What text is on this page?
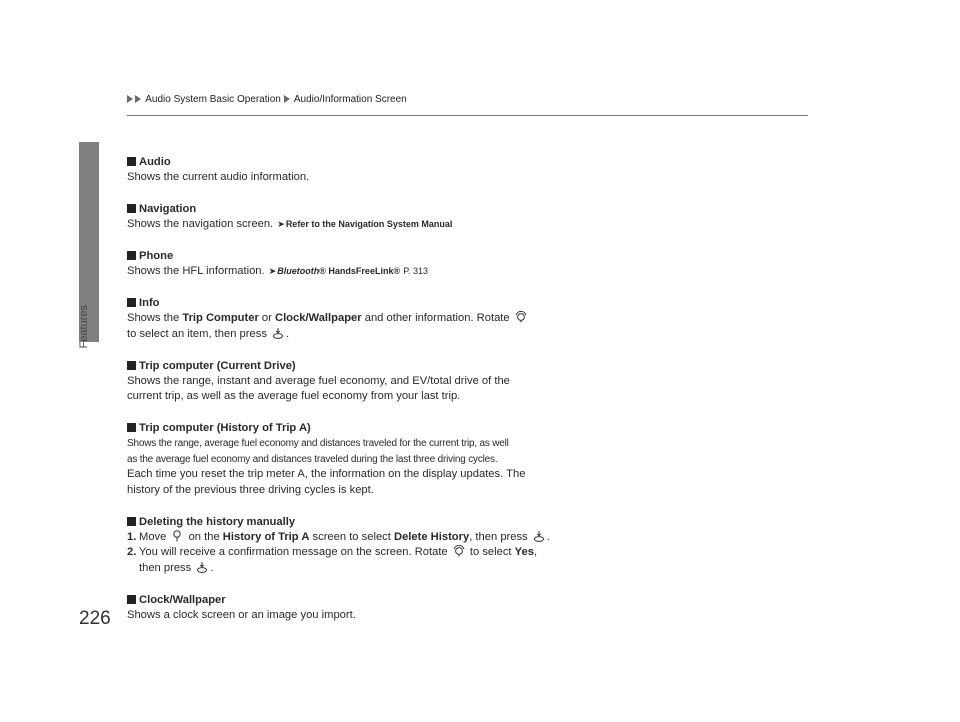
Features
Audio System Basic Operation Audio/Information Screen
Audio

Shows the current audio information.

Navigation

Shows the navigation screen. ➤Refer to the Navigation System Manual

Phone

Shows the HFL information. ➤Bluetooth® HandsFreeLink® P. 313

Info

Shows the Trip Computer or Clock/Wallpaper and other information. Rotate
to select an item, then press .

Trip computer (Current Drive)

Shows the range, instant and average fuel economy, and EV/total drive of the
current trip, as well as the average fuel economy from your last trip.

Trip computer (History of Trip A)

Shows the range, average fuel economy and distances traveled for the current trip, as well
as the average fuel economy and distances traveled during the last three driving cycles.

Each time you reset the trip meter A, the information on the display updates. The
history of the previous three driving cycles is kept.

Deleting the history manually
1. Move on the History of Trip A screen to select Delete History, then press .
2. You will receive a confirmation message on the screen. Rotate to select Yes,
then press .
Clock/Wallpaper

Shows a clock screen or an image you import.

226
